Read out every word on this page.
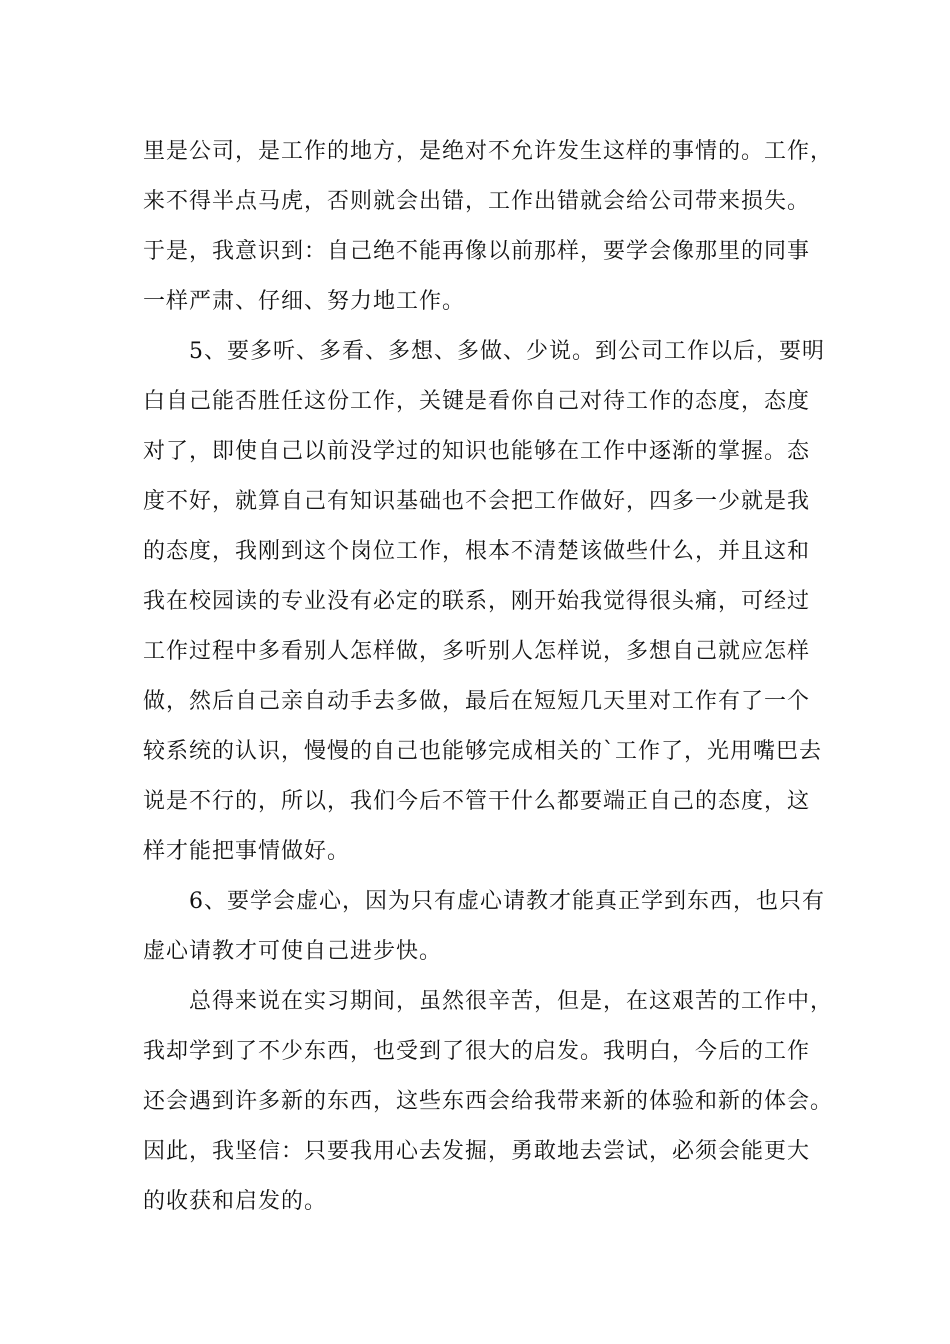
里是公司，是工作的地方，是绝对不允许发生这样的事情的。工作，
来不得半点马虎，否则就会出错，工作出错就会给公司带来损失。
于是，我意识到：自己绝不能再像以前那样，要学会像那里的同事
一样严肃、仔细、努力地工作。
　　5、要多听、多看、多想、多做、少说。到公司工作以后，要明
白自己能否胜任这份工作，关键是看你自己对待工作的态度，态度
对了，即使自己以前没学过的知识也能够在工作中逐渐的掌握。态
度不好，就算自己有知识基础也不会把工作做好，四多一少就是我
的态度，我刚到这个岗位工作，根本不清楚该做些什么，并且这和
我在校园读的专业没有必定的联系，刚开始我觉得很头痛，可经过
工作过程中多看别人怎样做，多听别人怎样说，多想自己就应怎样
做，然后自己亲自动手去多做，最后在短短几天里对工作有了一个
较系统的认识，慢慢的自己也能够完成相关的`工作了，光用嘴巴去
说是不行的，所以，我们今后不管干什么都要端正自己的态度，这
样才能把事情做好。
　　6、要学会虚心，因为只有虚心请教才能真正学到东西，也只有
虚心请教才可使自己进步快。
　　总得来说在实习期间，虽然很辛苦，但是，在这艰苦的工作中，
我却学到了不少东西，也受到了很大的启发。我明白，今后的工作
还会遇到许多新的东西，这些东西会给我带来新的体验和新的体会。
因此，我坚信：只要我用心去发掘，勇敢地去尝试，必须会能更大
的收获和启发的。
